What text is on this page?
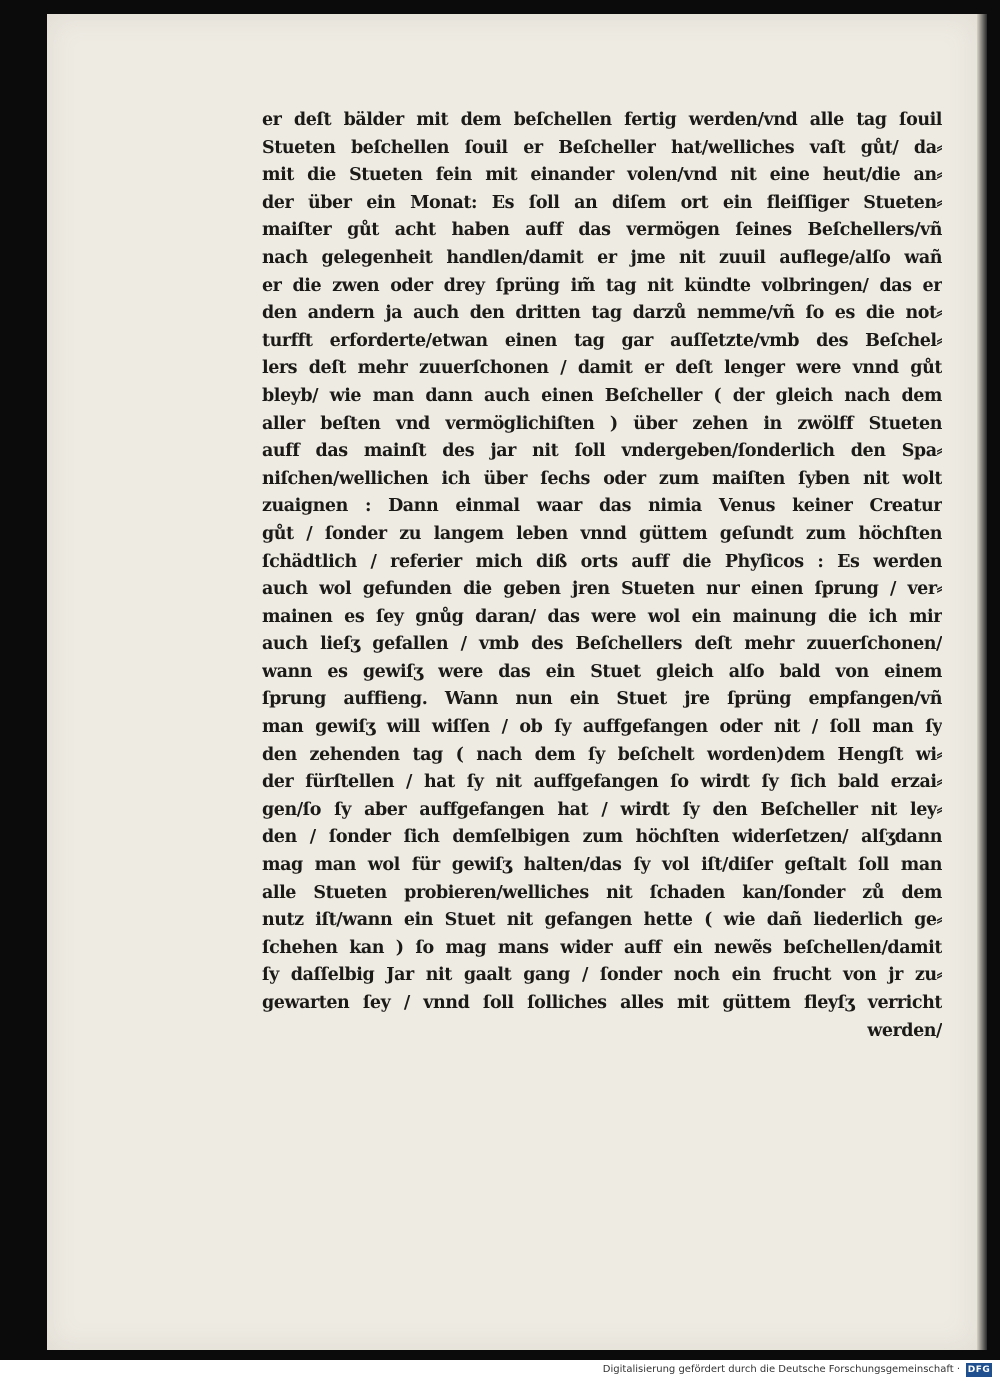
er deſt bälder mit dem beſchellen fertig werden/vnd alle tag ſouil
Stueten beſchellen ſouil er Beſcheller hat/welliches vaſt gůt/ da⸗
mit die Stueten fein mit einander volen/vnd nit eine heut/die an⸗
der über ein Monat: Es ſoll an diſem ort ein fleiſſiger Stueten⸗
maiſter gůt acht haben auff das vermögen ſeines Beſchellers/vñ
nach gelegenheit handlen/damit er jme nit zuuil auflege/alſo wañ
er die zwen oder drey ſprüng im̃ tag nit kündte volbringen/ das er
den andern ja auch den dritten tag darzů nemme/vñ ſo es die not⸗
turfft erforderte/etwan einen tag gar auſſetzte/vmb des Beſchel⸗
lers deſt mehr zuuerſchonen / damit er deſt lenger were vnnd gůt
bleyb/ wie man dann auch einen Beſcheller ( der gleich nach dem
aller beſten vnd vermöglichiſten ) über zehen in zwölff Stueten
auff das mainſt des jar nit ſoll vndergeben/ſonderlich den Spa⸗
niſchen/wellichen ich über ſechs oder zum maiſten ſyben nit wolt
zuaignen : Dann einmal waar das nimia Venus keiner Creatur
gůt / ſonder zu langem leben vnnd güttem geſundt zum höchſten
ſchädtlich / referier mich diß orts auff die Phyſicos : Es werden
auch wol gefunden die geben jren Stueten nur einen ſprung / ver⸗
mainen es ſey gnůg daran/ das were wol ein mainung die ich mir
auch lieſʒ gefallen / vmb des Beſchellers deſt mehr zuuerſchonen/
wann es gewiſʒ were das ein Stuet gleich alſo bald von einem
ſprung auffieng. Wann nun ein Stuet jre ſprüng empfangen/vñ
man gewiſʒ will wiſſen / ob ſy auffgefangen oder nit / ſoll man ſy
den zehenden tag ( nach dem ſy beſchelt worden)dem Hengſt wi⸗
der fürſtellen / hat ſy nit auffgefangen ſo wirdt ſy ſich bald erzai⸗
gen/ſo ſy aber auffgefangen hat / wirdt ſy den Beſcheller nit ley⸗
den / ſonder ſich demſelbigen zum höchſten widerſetzen/ alſʒdann
mag man wol für gewiſʒ halten/das ſy vol iſt/diſer geſtalt ſoll man
alle Stueten probieren/welliches nit ſchaden kan/ſonder zů dem
nutz iſt/wann ein Stuet nit gefangen hette ( wie dañ liederlich ge⸗
ſchehen kan ) ſo mag mans wider auff ein newẽs beſchellen/damit
ſy daſſelbig Jar nit gaalt gang / ſonder noch ein frucht von jr zu⸗
gewarten ſey / vnnd ſoll ſolliches alles mit güttem fleyſʒ verricht
werden/
Digitalisierung gefördert durch die Deutsche Forschungsgemeinschaft · DFG
